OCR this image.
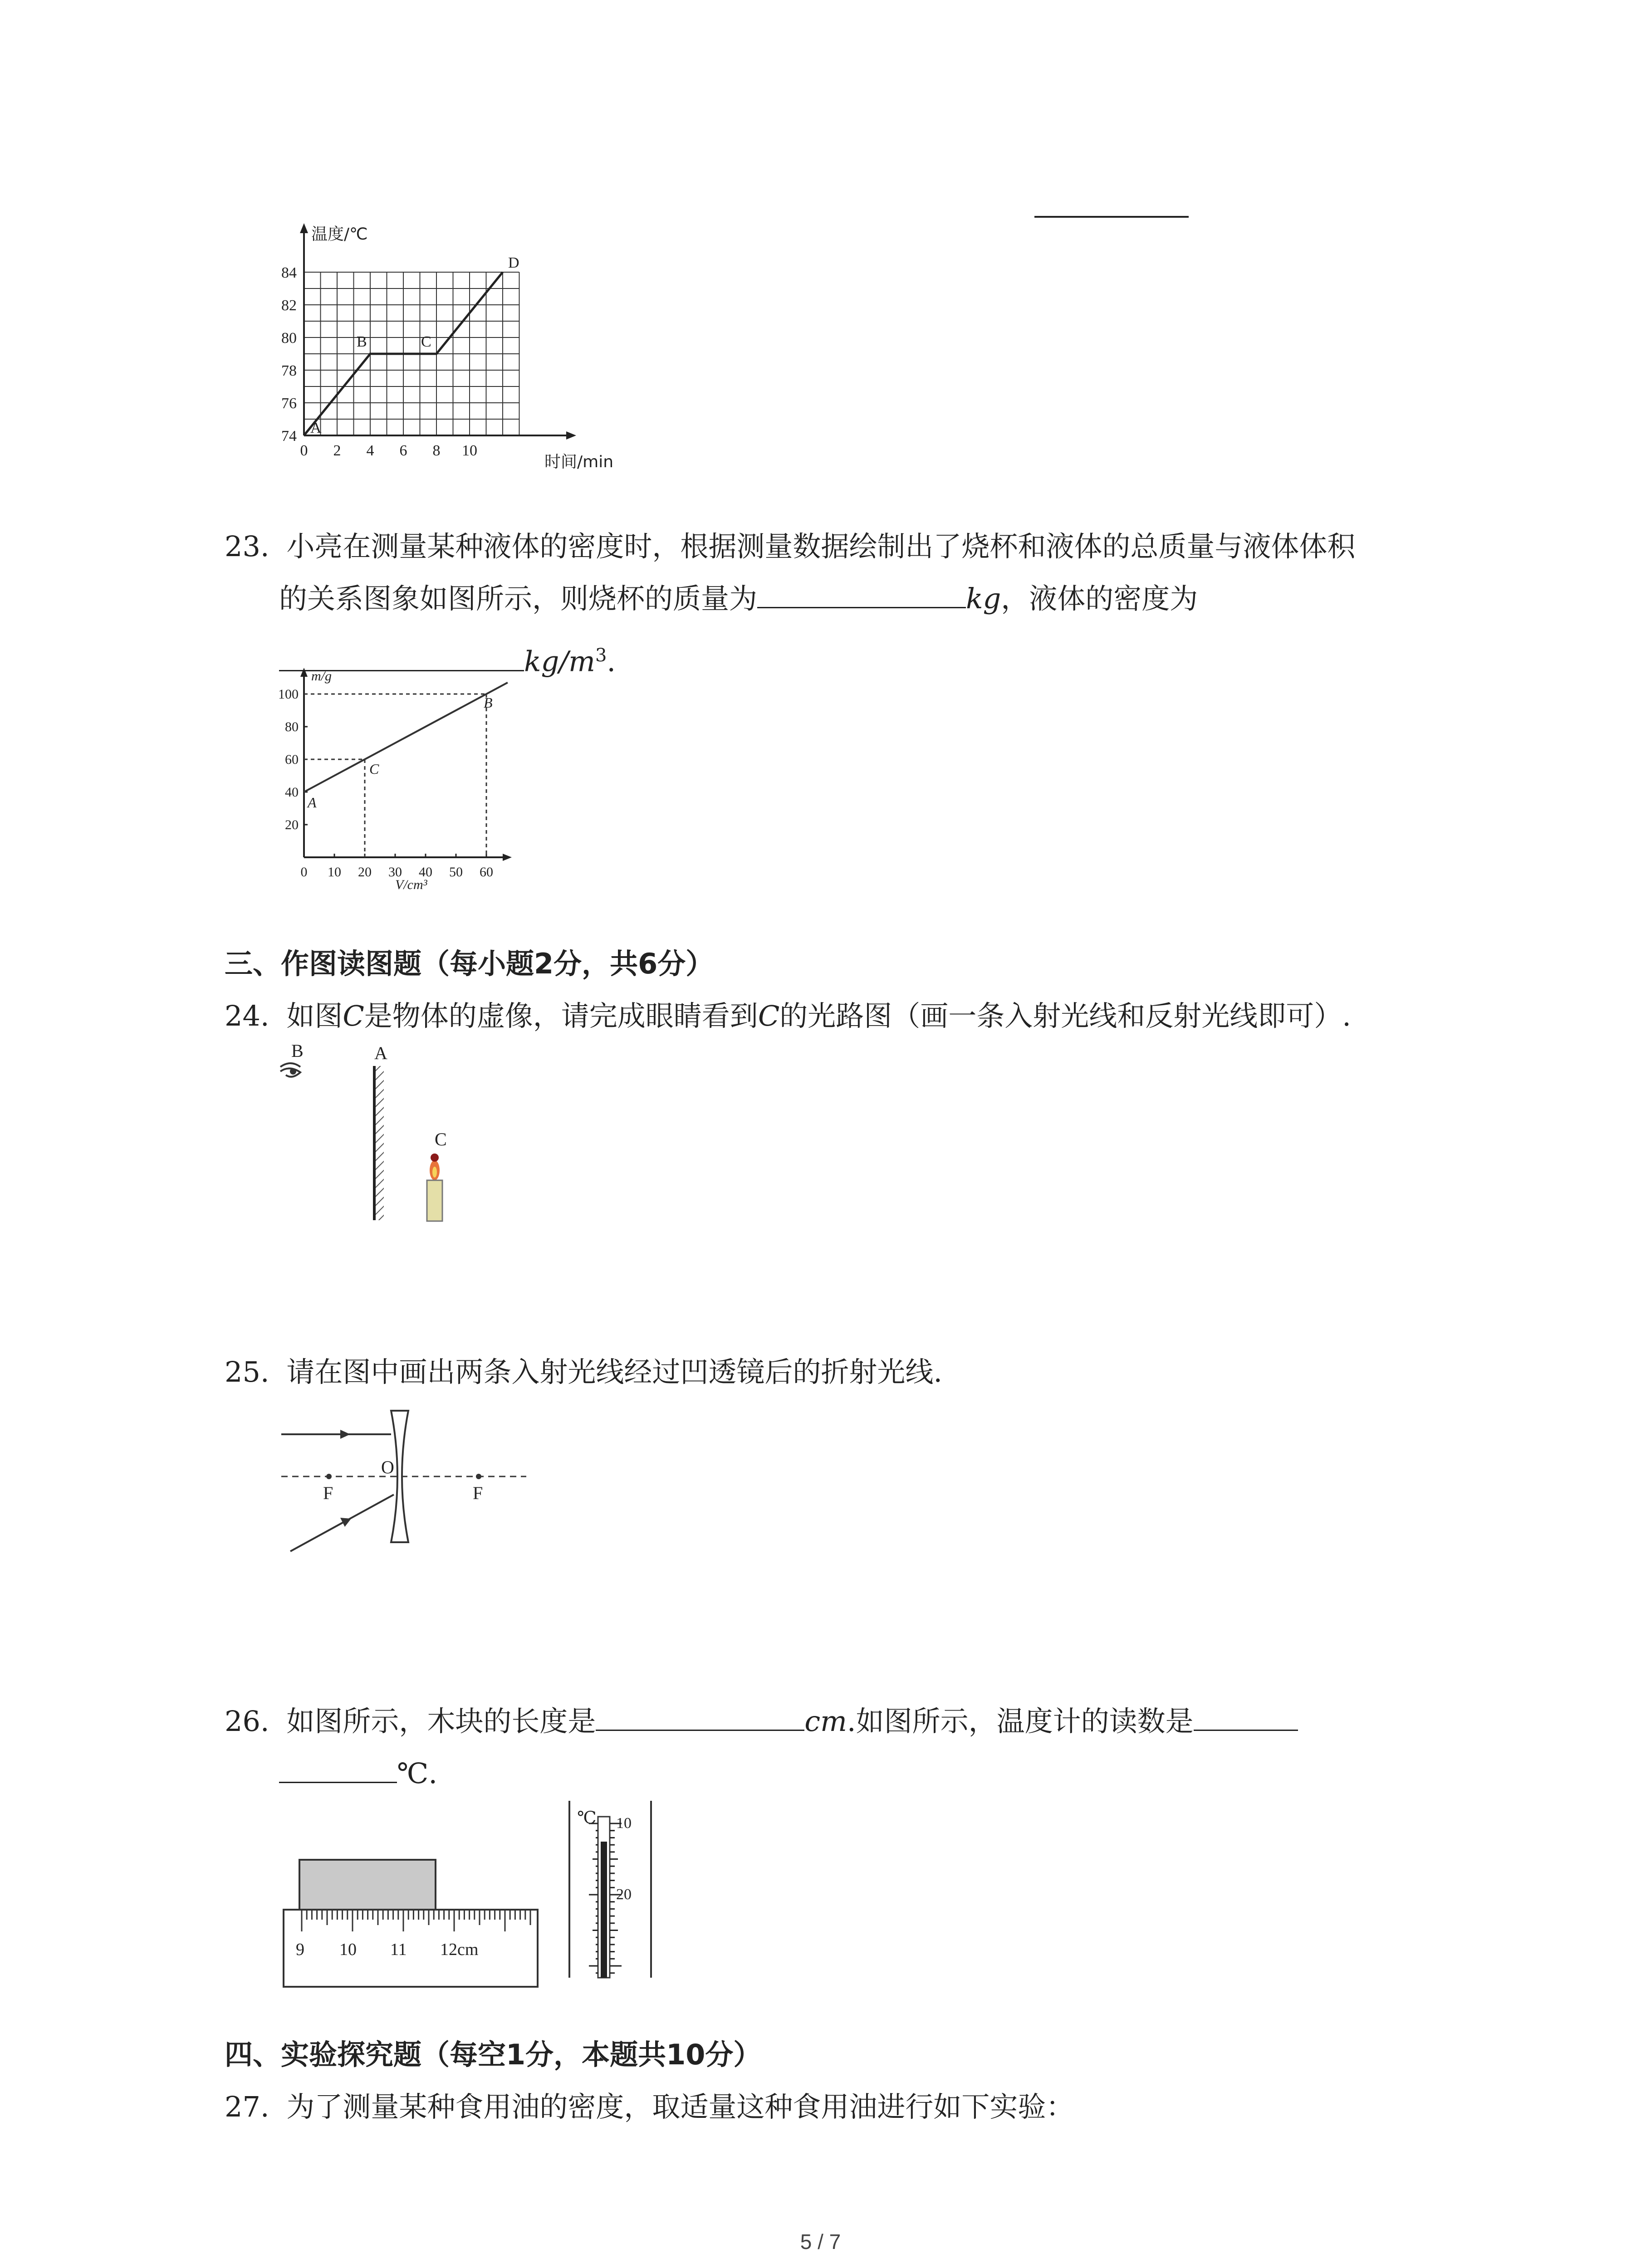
温度/℃
时间/min
74
76
78
80
82
84
0 2 4 6 8 10
A
B	C
D
23. 小亮在测量某种液体的密度时，根据测量数据绘制出了烧杯和液体的总质量与液体体积
的关系图象如图所示，则烧杯的质量为	kg，液体的密度为
$kg/m^3$.
m/g
V/cm³
20
40
60
80
100
0 10 20 30 40 50 60
A
C
B
三、作图读图题（每小题2分，共6分）
24. 如图C是物体的虚像，请完成眼睛看到C的光路图（画一条入射光线和反射光线即可）.
B	A
C
25. 请在图中画出两条入射光线经过凹透镜后的折射光线.
O
F	F
26. 如图所示，木块的长度是	cm.如图所示，温度计的读数是
℃.
9 10 11 12cm
℃ 10
20
四、实验探究题（每空1分，本题共10分）
27. 为了测量某种食用油的密度，取适量这种食用油进行如下实验：
5 / 7
